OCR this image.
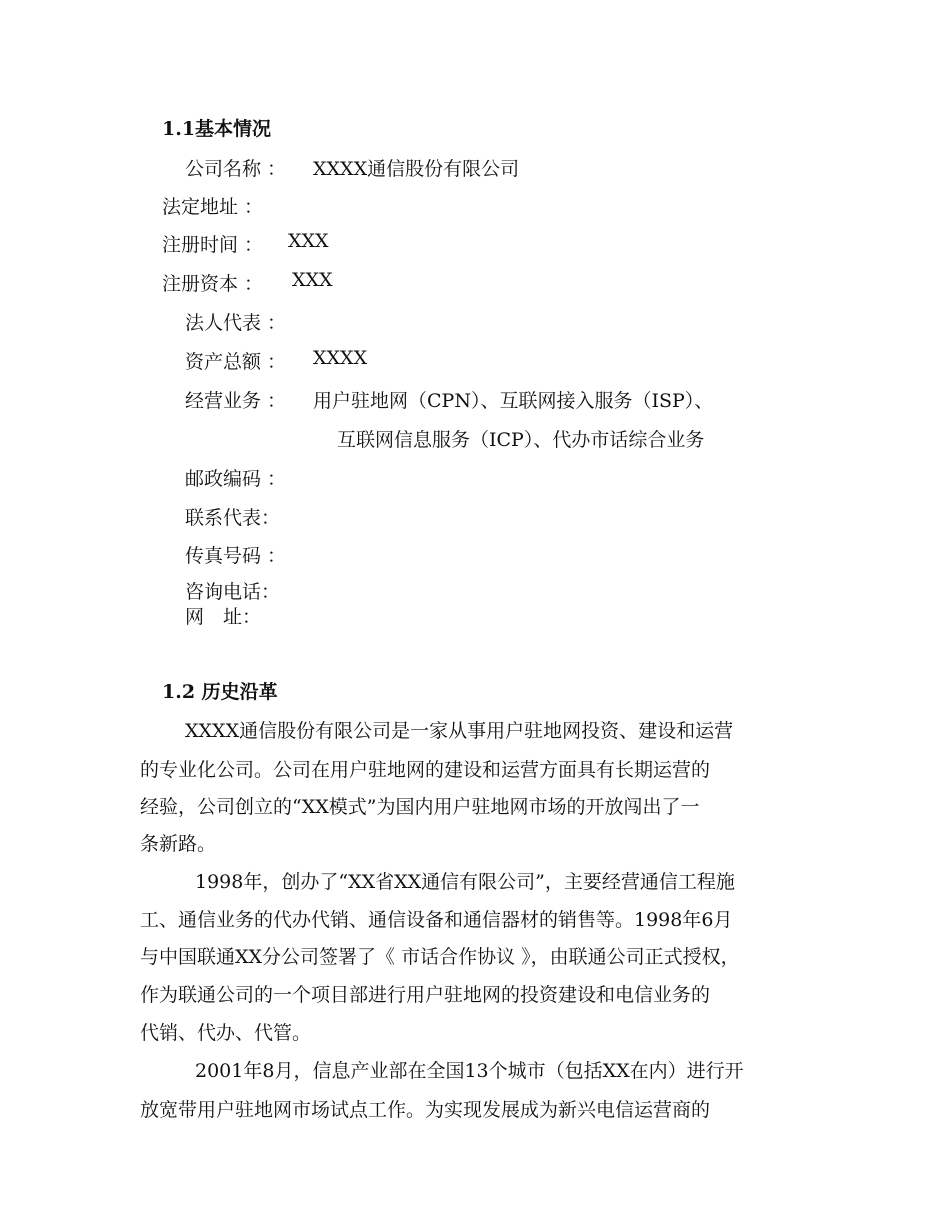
1.1基本情况
公司名称 ： XXXX通信股份有限公司
法定地址 ：
注册时间 ： XXX
注册资本 ： XXX
法人代表 ：
资产总额 ： XXXX
经营业务 ： 用户驻地网（CPN）、互联网接入服务（ISP）、
互联网信息服务（ICP）、代办市话综合业务
邮政编码 ：
联系代表：
传真号码 ：
咨询电话：
网　址：
1.2 历史沿革
XXXX通信股份有限公司是一家从事用户驻地网投资、建设和运营
的专业化公司。公司在用户驻地网的建设和运营方面具有长期运营的
经验，公司创立的“XX模式”为国内用户驻地网市场的开放闯出了一
条新路。
1998年，创办了“XX省XX通信有限公司”，主要经营通信工程施
工、通信业务的代办代销、通信设备和通信器材的销售等。1998年6月
与中国联通XX分公司签署了《 市话合作协议 》，由联通公司正式授权，
作为联通公司的一个项目部进行用户驻地网的投资建设和电信业务的
代销、代办、代管。
2001年8月，信息产业部在全国13个城市（包括XX在内）进行开
放宽带用户驻地网市场试点工作。为实现发展成为新兴电信运营商的
